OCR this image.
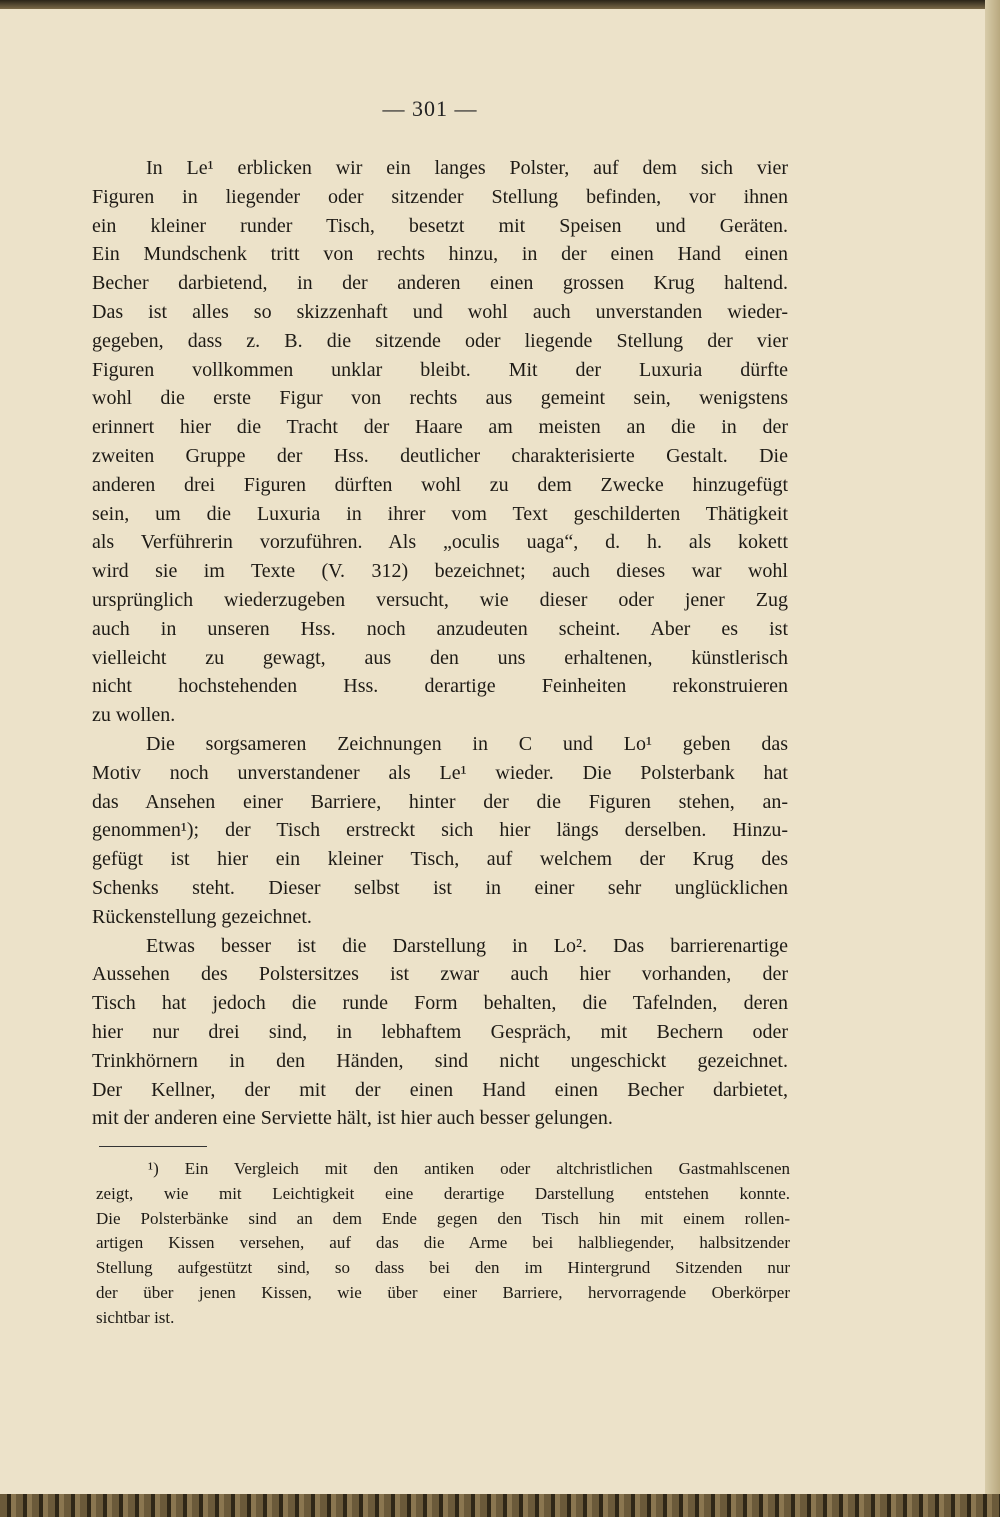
— 301 —
In Le¹ erblicken wir ein langes Polster, auf dem sich vier
Figuren in liegender oder sitzender Stellung befinden, vor ihnen
ein kleiner runder Tisch, besetzt mit Speisen und Geräten.
Ein Mundschenk tritt von rechts hinzu, in der einen Hand einen
Becher darbietend, in der anderen einen grossen Krug haltend.
Das ist alles so skizzenhaft und wohl auch unverstanden wieder-
gegeben, dass z. B. die sitzende oder liegende Stellung der vier
Figuren vollkommen unklar bleibt. Mit der Luxuria dürfte
wohl die erste Figur von rechts aus gemeint sein, wenigstens
erinnert hier die Tracht der Haare am meisten an die in der
zweiten Gruppe der Hss. deutlicher charakterisierte Gestalt. Die
anderen drei Figuren dürften wohl zu dem Zwecke hinzugefügt
sein, um die Luxuria in ihrer vom Text geschilderten Thätigkeit
als Verführerin vorzuführen. Als „oculis uaga“, d. h. als kokett
wird sie im Texte (V. 312) bezeichnet; auch dieses war wohl
ursprünglich wiederzugeben versucht, wie dieser oder jener Zug
auch in unseren Hss. noch anzudeuten scheint. Aber es ist
vielleicht zu gewagt, aus den uns erhaltenen, künstlerisch
nicht hochstehenden Hss. derartige Feinheiten rekonstruieren
zu wollen.
Die sorgsameren Zeichnungen in C und Lo¹ geben das
Motiv noch unverstandener als Le¹ wieder. Die Polsterbank hat
das Ansehen einer Barriere, hinter der die Figuren stehen, an-
genommen¹); der Tisch erstreckt sich hier längs derselben. Hinzu-
gefügt ist hier ein kleiner Tisch, auf welchem der Krug des
Schenks steht. Dieser selbst ist in einer sehr unglücklichen
Rückenstellung gezeichnet.
Etwas besser ist die Darstellung in Lo². Das barrierenartige
Aussehen des Polstersitzes ist zwar auch hier vorhanden, der
Tisch hat jedoch die runde Form behalten, die Tafelnden, deren
hier nur drei sind, in lebhaftem Gespräch, mit Bechern oder
Trinkhörnern in den Händen, sind nicht ungeschickt gezeichnet.
Der Kellner, der mit der einen Hand einen Becher darbietet,
mit der anderen eine Serviette hält, ist hier auch besser gelungen.
¹) Ein Vergleich mit den antiken oder altchristlichen Gastmahlscenen
zeigt, wie mit Leichtigkeit eine derartige Darstellung entstehen konnte.
Die Polsterbänke sind an dem Ende gegen den Tisch hin mit einem rollen-
artigen Kissen versehen, auf das die Arme bei halbliegender, halbsitzender
Stellung aufgestützt sind, so dass bei den im Hintergrund Sitzenden nur
der über jenen Kissen, wie über einer Barriere, hervorragende Oberkörper
sichtbar ist.
